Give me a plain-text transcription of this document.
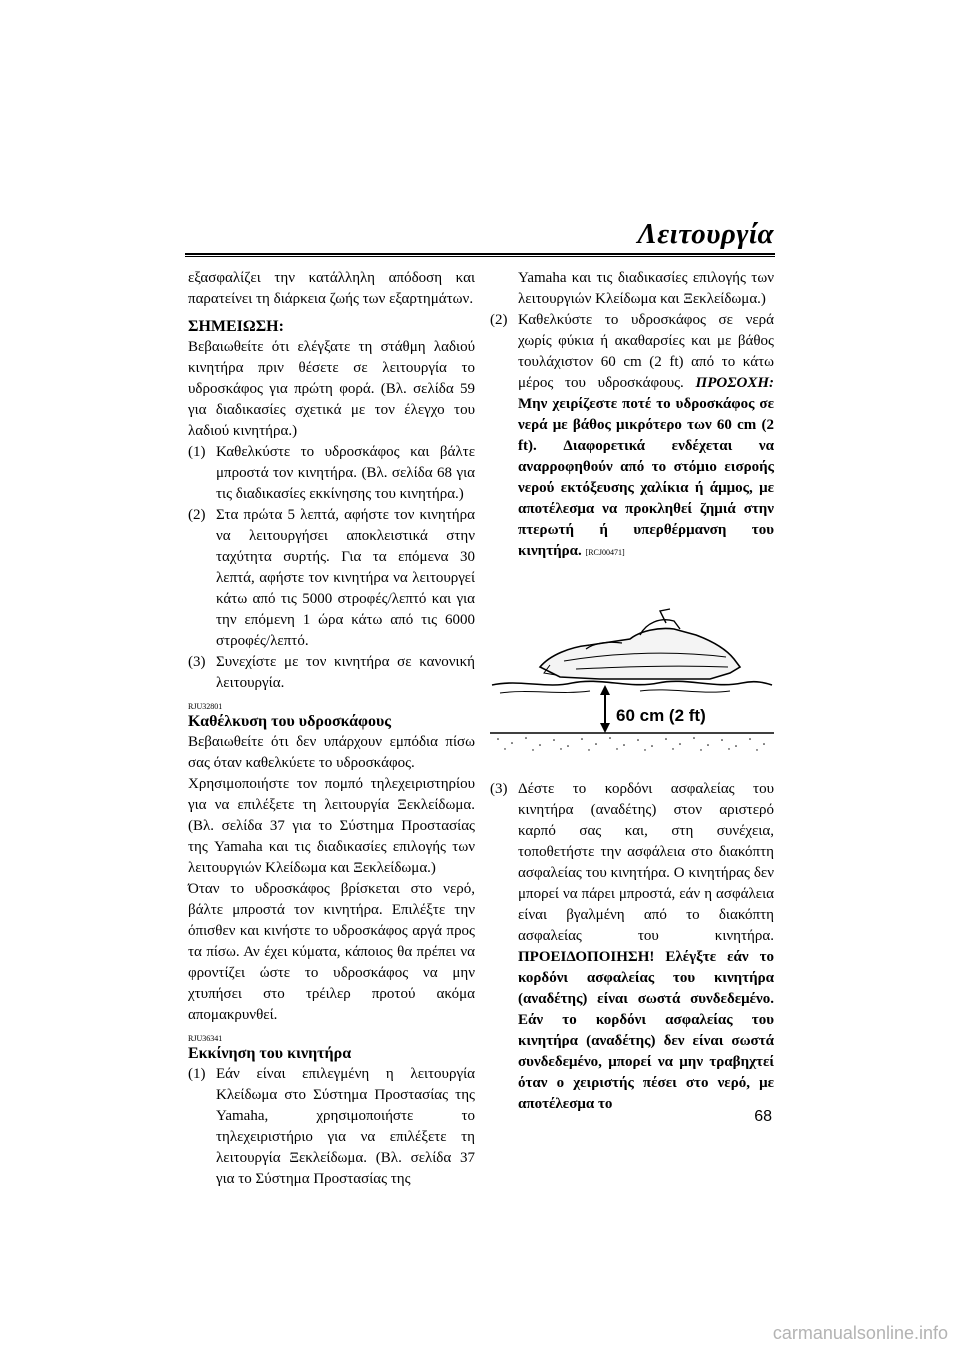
Λειτουργία

εξασφαλίζει την κατάλληλη απόδοση και παρατείνει τη διάρκεια ζωής των εξαρτημάτων.

ΣΗΜΕΙΩΣΗ:

Βεβαιωθείτε ότι ελέγξατε τη στάθμη λαδιού κινητήρα πριν θέσετε σε λειτουργία το υδροσκάφος για πρώτη φορά. (Βλ. σελίδα 59 για διαδικασίες σχετικά με τον έλεγχο του λαδιού κινητήρα.)

(1) Καθελκύστε το υδροσκάφος και βάλτε μπροστά τον κινητήρα. (Βλ. σελίδα 68 για τις διαδικασίες εκκίνησης του κινητήρα.)
(2) Στα πρώτα 5 λεπτά, αφήστε τον κινητήρα να λειτουργήσει αποκλειστικά στην ταχύτητα συρτής. Για τα επόμενα 30 λεπτά, αφήστε τον κινητήρα να λειτουργεί κάτω από τις 5000 στροφές/λεπτό και για την επόμενη 1 ώρα κάτω από τις 6000 στροφές/λεπτό.
(3) Συνεχίστε με τον κινητήρα σε κανονική λειτουργία.
RJU32801
Καθέλκυση του υδροσκάφους

Βεβαιωθείτε ότι δεν υπάρχουν εμπόδια πίσω σας όταν καθελκύετε το υδροσκάφος.

Χρησιμοποιήστε τον πομπό τηλεχειριστηρίου για να επιλέξετε τη λειτουργία Ξεκλείδωμα. (Βλ. σελίδα 37 για το Σύστημα Προστασίας της Yamaha και τις διαδικασίες επιλογής των λειτουργιών Κλείδωμα και Ξεκλείδωμα.)

Όταν το υδροσκάφος βρίσκεται στο νερό, βάλτε μπροστά τον κινητήρα. Επιλέξτε την όπισθεν και κινήστε το υδροσκάφος αργά προς τα πίσω. Αν έχει κύματα, κάποιος θα πρέπει να φροντίζει ώστε το υδροσκάφος να μην χτυπήσει στο τρέιλερ προτού ακόμα απομακρυνθεί.

RJU36341
Εκκίνηση του κινητήρα
(1) Εάν είναι επιλεγμένη η λειτουργία Κλείδωμα στο Σύστημα Προστασίας της Yamaha, χρησιμοποιήστε το τηλεχειριστήριο για να επιλέξετε τη λειτουργία Ξεκλείδωμα. (Βλ. σελίδα 37 για το Σύστημα Προστασίας της
Yamaha και τις διαδικασίες επιλογής των λειτουργιών Κλείδωμα και Ξεκλείδωμα.)
(2) Καθελκύστε το υδροσκάφος σε νερά χωρίς φύκια ή ακαθαρσίες και με βάθος τουλάχιστον 60 cm (2 ft) από το κάτω μέρος του υδροσκάφους. ΠΡΟΣΟΧΗ: Μην χειρίζεστε ποτέ το υδροσκάφος σε νερά με βάθος μικρότερο των 60 cm (2 ft). Διαφορετικά ενδέχεται να αναρροφηθούν από το στόμιο εισροής νερού εκτόξευσης χαλίκια ή άμμος, με αποτέλεσμα να προκληθεί ζημιά στην πτερωτή ή υπερθέρμανση του κινητήρα. [RCJ00471]
60 cm (2 ft)
(3) Δέστε το κορδόνι ασφαλείας του κινητήρα (αναδέτης) στον αριστερό καρπό σας και, στη συνέχεια, τοποθετήστε την ασφάλεια στο διακόπτη ασφαλείας του κινητήρα. Ο κινητήρας δεν μπορεί να πάρει μπροστά, εάν η ασφάλεια είναι βγαλμένη από το διακόπτη ασφαλείας του κινητήρα. ΠΡΟΕΙΔΟΠΟΙΗΣΗ! Ελέγξτε εάν το κορδόνι ασφαλείας του κινητήρα (αναδέτης) είναι σωστά συνδεδεμένο. Εάν το κορδόνι ασφαλείας του κινητήρα (αναδέτης) δεν είναι σωστά συνδεδεμένο, μπορεί να μην τραβηχτεί όταν ο χειριστής πέσει στο νερό, με αποτέλεσμα το
68
carmanualsonline.info
